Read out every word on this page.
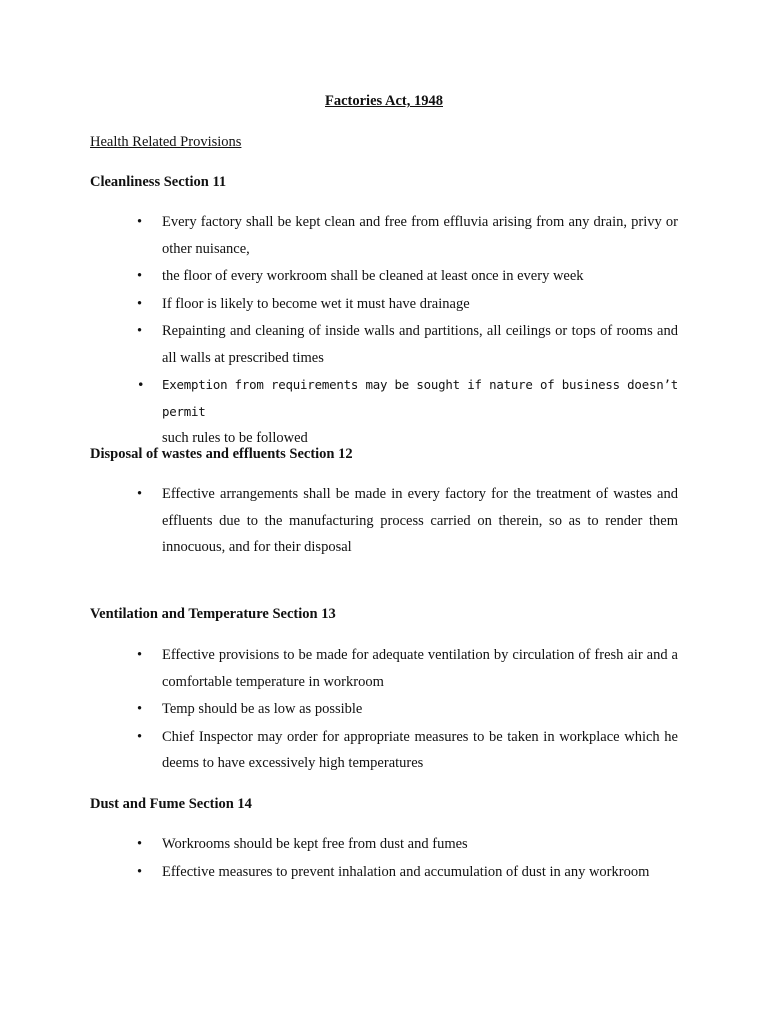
Factories Act, 1948

Health Related Provisions

Cleanliness Section 11

• Every factory shall be kept clean and free from effluvia arising from any drain, privy or other nuisance,
• the floor of every workroom shall be cleaned at least once in every week
• If floor is likely to become wet it must have drainage
• Repainting and cleaning of inside walls and partitions, all ceilings or tops of rooms and all walls at prescribed times
• Exemption from requirements may be sought if nature of business doesn’t permit
such rules to be followed

Disposal of wastes and effluents Section 12

• Effective arrangements shall be made in every factory for the treatment of wastes and effluents due to the manufacturing process carried on therein, so as to render them innocuous, and for their disposal

Ventilation and Temperature Section 13

• Effective provisions to be made for adequate ventilation by circulation of fresh air and a comfortable temperature in workroom
• Temp should be as low as possible
• Chief Inspector may order for appropriate measures to be taken in workplace which he deems to have excessively high temperatures

Dust and Fume Section 14

• Workrooms should be kept free from dust and fumes
• Effective measures to prevent inhalation and accumulation of dust in any workroom
